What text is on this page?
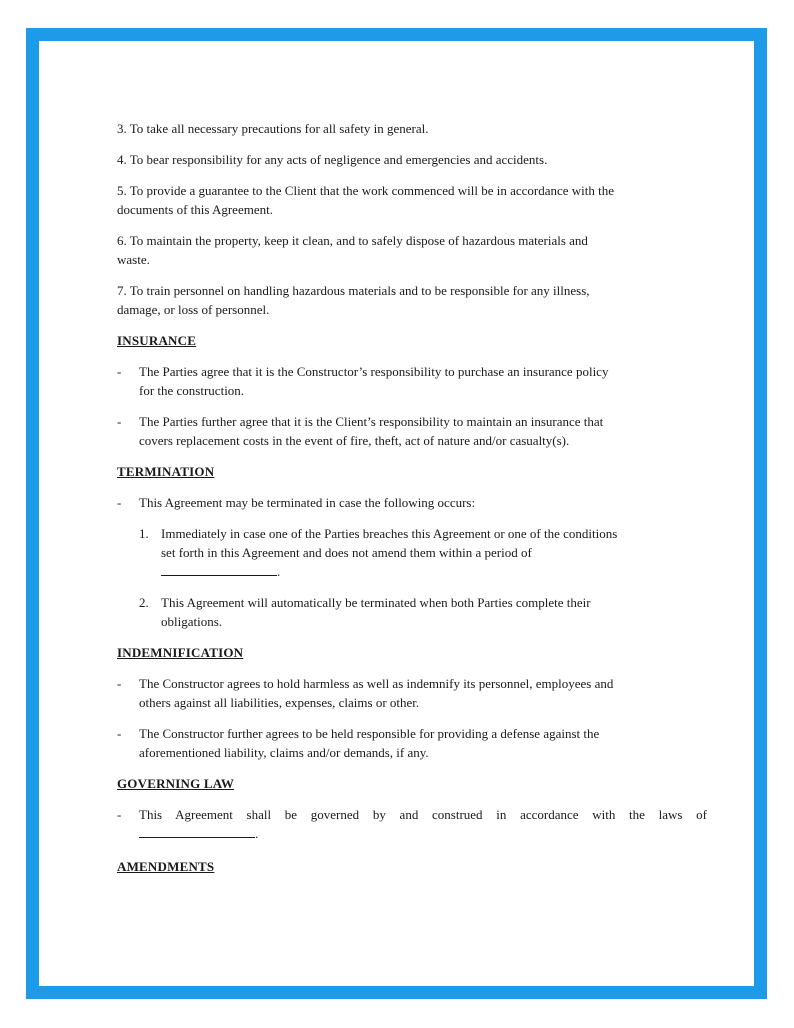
3. To take all necessary precautions for all safety in general.

4. To bear responsibility for any acts of negligence and emergencies and accidents.

5. To provide a guarantee to the Client that the work commenced will be in accordance with the
documents of this Agreement.

6. To maintain the property, keep it clean, and to safely dispose of hazardous materials and
waste.

7. To train personnel on handling hazardous materials and to be responsible for any illness,
damage, or loss of personnel.

INSURANCE
- The Parties agree that it is the Constructor’s responsibility to purchase an insurance policy
for the construction.
- The Parties further agree that it is the Client’s responsibility to maintain an insurance that
covers replacement costs in the event of fire, theft, act of nature and/or casualty(s).
TERMINATION
- This Agreement may be terminated in case the following occurs:
1. Immediately in case one of the Parties breaches this Agreement or one of the conditions
set forth in this Agreement and does not amend them within a period of
.
2. This Agreement will automatically be terminated when both Parties complete their
obligations.
INDEMNIFICATION
- The Constructor agrees to hold harmless as well as indemnify its personnel, employees and
others against all liabilities, expenses, claims or other.
- The Constructor further agrees to be held responsible for providing a defense against the
aforementioned liability, claims and/or demands, if any.
GOVERNING LAW
- This Agreement shall be governed by and construed in accordance with the laws of
.
AMENDMENTS
